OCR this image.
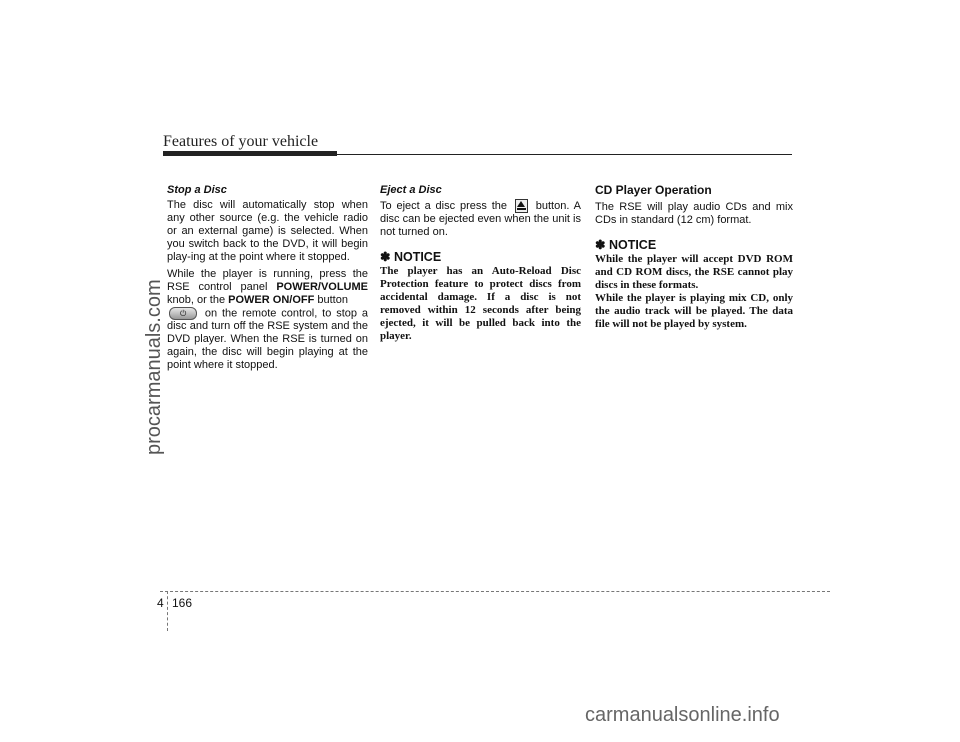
Features of your vehicle
procarmanuals.com

Stop a Disc

The disc will automatically stop when any other source (e.g. the vehicle radio or an external game) is selected. When you switch back to the DVD, it will begin play-ing at the point where it stopped.

While the player is running, press the RSE control panel POWER/VOLUME knob, or the POWER ON/OFF button

⏻ on the remote control, to stop a disc and turn off the RSE system and the DVD player. When the RSE is turned on again, the disc will begin playing at the point where it stopped.

Eject a Disc

To eject a disc press the	button. A disc can be ejected even when the unit is not turned on.

✽ NOTICE

The player has an Auto-Reload Disc Protection feature to protect discs from accidental damage. If a disc is not removed within 12 seconds after being ejected, it will be pulled back into the player.

CD Player Operation

The RSE will play audio CDs and mix CDs in standard (12 cm) format.

✽ NOTICE

While the player will accept DVD ROM and CD ROM discs, the RSE cannot play discs in these formats.

While the player is playing mix CD, only the audio track will be played. The data file will not be played by system.

4 166
carmanualsonline.info
